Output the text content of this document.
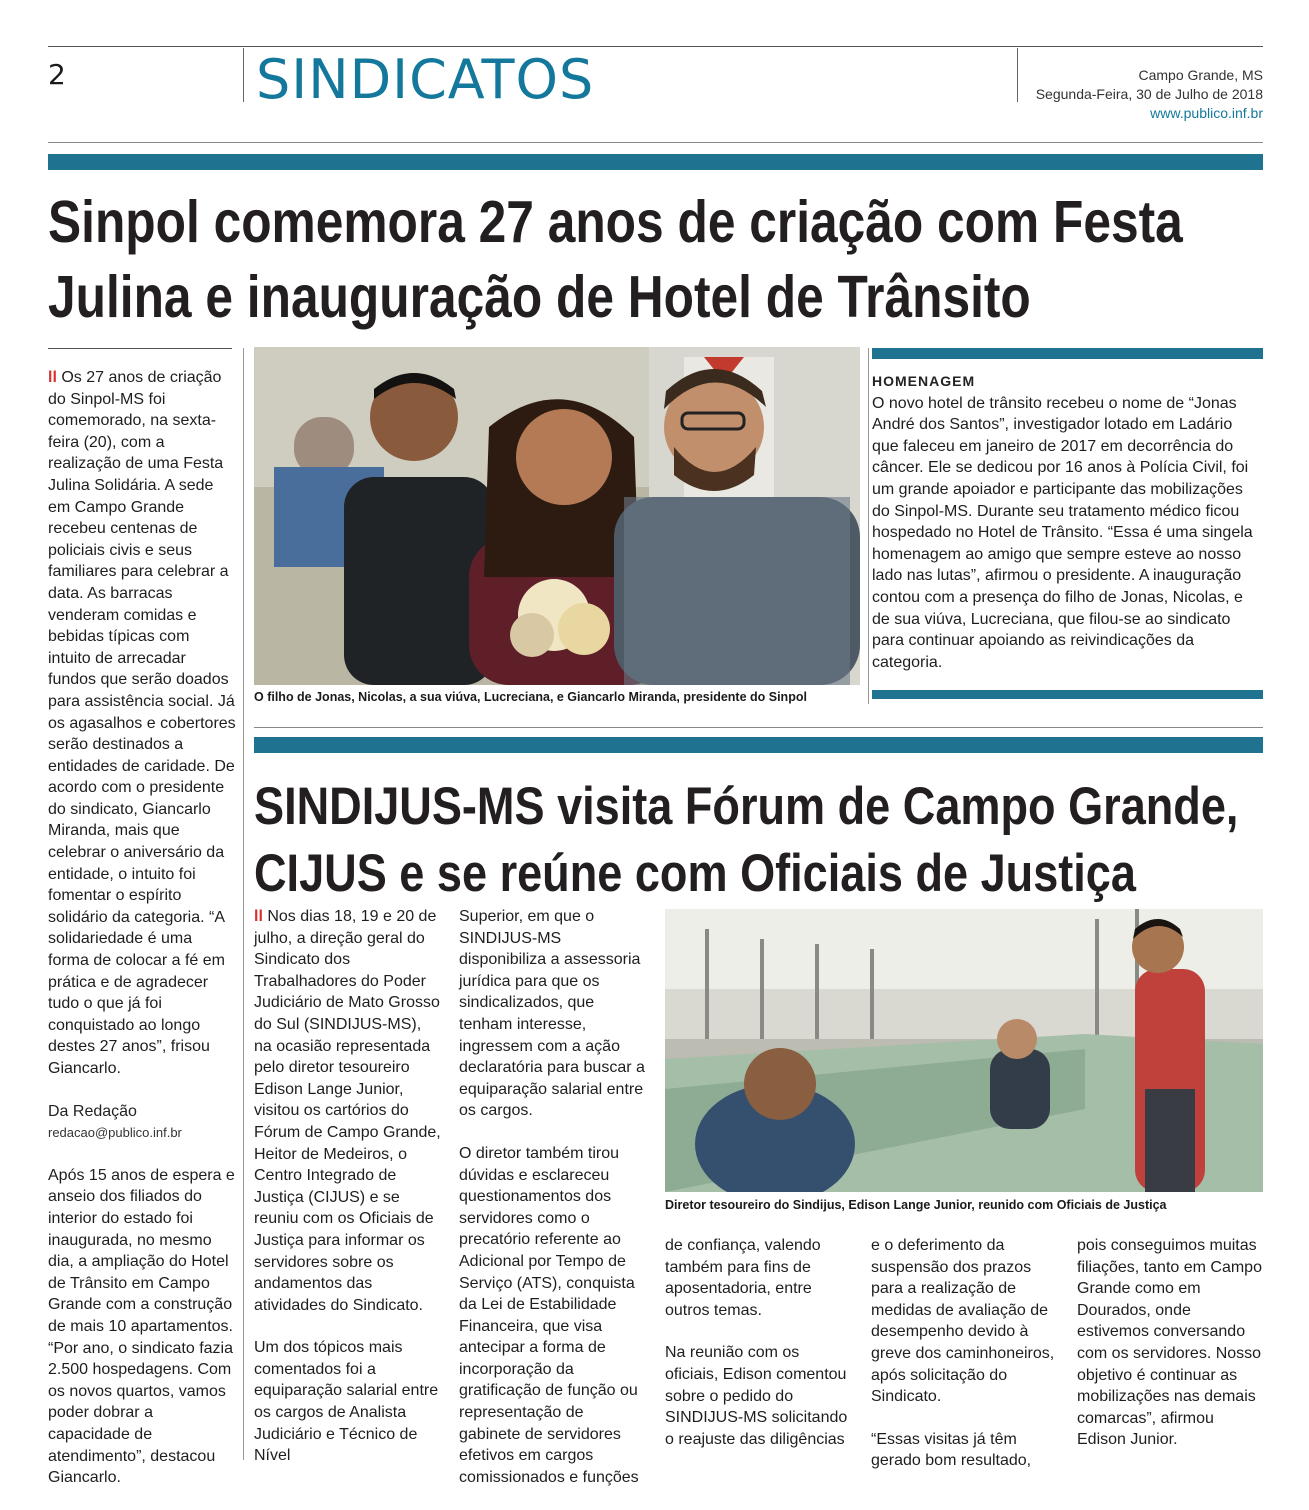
2	SINDICATOS	Campo Grande, MS
Segunda-Feira, 30 de Julho de 2018
www.publico.inf.br
Sinpol comemora 27 anos de criação com Festa
Julina e inauguração de Hotel de Trânsito

ll Os 27 anos de criação do Sinpol-MS foi comemorado, na sexta-feira (20), com a realização de uma Festa Julina Solidária. A sede em Campo Grande recebeu centenas de policiais civis e seus familiares para celebrar a data. As barracas venderam comidas e bebidas típicas com intuito de arrecadar fundos que serão doados para assistência social. Já os agasalhos e cobertores serão destinados a entidades de caridade. De acordo com o presidente do sindicato, Giancarlo Miranda, mais que celebrar o aniversário da entidade, o intuito foi fomentar o espírito solidário da categoria. “A solidariedade é uma forma de colocar a fé em prática e de agradecer tudo o que já foi conquistado ao longo destes 27 anos”, frisou Giancarlo.

Da Redação
redacao@publico.inf.br

Após 15 anos de espera e anseio dos filiados do interior do estado foi inaugurada, no mesmo dia, a ampliação do Hotel de Trânsito em Campo Grande com a construção de mais 10 apartamentos. “Por ano, o sindicato fazia 2.500 hospedagens. Com os novos quartos, vamos poder dobrar a capacidade de atendimento”, destacou Giancarlo.

O filho de Jonas, Nicolas, a sua viúva, Lucreciana, e Giancarlo Miranda, presidente do Sinpol
HOMENAGEM
O novo hotel de trânsito recebeu o nome de “Jonas André dos Santos”, investigador lotado em Ladário que faleceu em janeiro de 2017 em decorrência do câncer. Ele se dedicou por 16 anos à Polícia Civil, foi um grande apoiador e participante das mobilizações do Sinpol-MS. Durante seu tratamento médico ficou hospedado no Hotel de Trânsito. “Essa é uma singela homenagem ao amigo que sempre esteve ao nosso lado nas lutas”, afirmou o presidente. A inauguração contou com a presença do filho de Jonas, Nicolas, e de sua viúva, Lucreciana, que filou-se ao sindicato para continuar apoiando as reivindicações da categoria.
SINDIJUS-MS visita Fórum de Campo Grande,
CIJUS e se reúne com Oficiais de Justiça

ll Nos dias 18, 19 e 20 de julho, a direção geral do Sindicato dos Trabalhadores do Poder Judiciário de Mato Grosso do Sul (SINDIJUS-MS), na ocasião representada pelo diretor tesoureiro Edison Lange Junior, visitou os cartórios do Fórum de Campo Grande, Heitor de Medeiros, o Centro Integrado de Justiça (CIJUS) e se reuniu com os Oficiais de Justiça para informar os servidores sobre os andamentos das atividades do Sindicato.

Um dos tópicos mais comentados foi a equiparação salarial entre os cargos de Analista Judiciário e Técnico de Nível

Superior, em que o SINDIJUS-MS disponibiliza a assessoria jurídica para que os sindicalizados, que tenham interesse, ingressem com a ação declaratória para buscar a equiparação salarial entre os cargos.

O diretor também tirou dúvidas e esclareceu questionamentos dos servidores como o precatório referente ao Adicional por Tempo de Serviço (ATS), conquista da Lei de Estabilidade Financeira, que visa antecipar a forma de incorporação da gratificação de função ou representação de gabinete de servidores efetivos em cargos comissionados e funções

Diretor tesoureiro do Sindijus, Edison Lange Junior, reunido com Oficiais de Justiça

de confiança, valendo também para fins de aposentadoria, entre outros temas.

Na reunião com os oficiais, Edison comentou sobre o pedido do SINDIJUS-MS solicitando o reajuste das diligências

e o deferimento da suspensão dos prazos para a realização de medidas de avaliação de desempenho devido à greve dos caminhoneiros, após solicitação do Sindicato.

“Essas visitas já têm gerado bom resultado,

pois conseguimos muitas filiações, tanto em Campo Grande como em Dourados, onde estivemos conversando com os servidores. Nosso objetivo é continuar as mobilizações nas demais comarcas”, afirmou Edison Junior.
